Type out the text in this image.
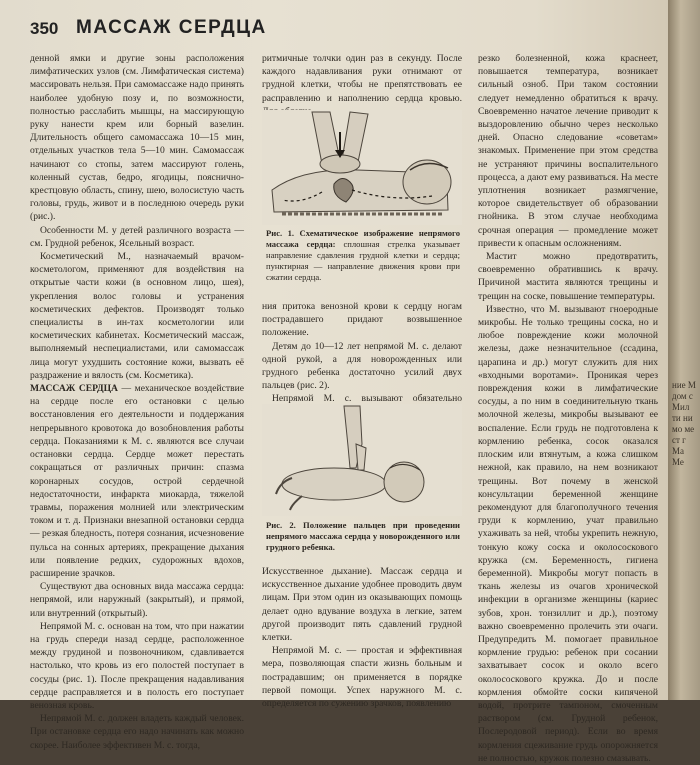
350 МАССАЖ СЕРДЦА

денной ямки и другие зоны расположения лимфатических узлов (см. Лимфатическая система) массировать нельзя. При самомассаже надо принять наиболее удобную позу и, по возможности, полностью расслабить мышцы, на массирующую руку нанести крем или борный вазелин. Длительность общего самомассажа 10—15 мин, отдельных участков тела 5—10 мин. Самомассаж начинают со стопы, затем массируют голень, коленный сустав, бедро, ягодицы, пояснично-крестцовую область, спину, шею, волосистую часть головы, грудь, живот и в последнюю очередь руки (рис.).

Особенности М. у детей различного возраста — см. Грудной ребенок, Ясельный возраст.

Косметический М., назначаемый врачом-косметологом, применяют для воздействия на открытые части кожи (в основном лицо, шея), укрепления волос головы и устранения косметических дефектов. Производят только специалисты в ин-тах косметологии или косметических кабинетах. Косметический массаж, выполняемый неспециалистами, или самомассаж лица могут ухудшить состояние кожи, вызвать её раздражение и вялость (см. Косметика).

МАССАЖ СЕРДЦА — механическое воздействие на сердце после его остановки с целью восстановления его деятельности и поддержания непрерывного кровотока до возобновления работы сердца. Показаниями к М. с. являются все случаи остановки сердца. Сердце может перестать сокращаться от различных причин: спазма коронарных сосудов, острой сердечной недостаточности, инфаркта миокарда, тяжелой травмы, поражения молнией или электрическим током и т. д. Признаки внезапной остановки сердца — резкая бледность, потеря сознания, исчезновение пульса на сонных артериях, прекращение дыхания или появление редких, судорожных вдохов, расширение зрачков.

Существуют два основных вида массажа сердца: непрямой, или наружный (закрытый), и прямой, или внутренний (открытый).

Непрямой М. с. основан на том, что при нажатии на грудь спереди назад сердце, расположенное между грудиной и позвоночником, сдавливается настолько, что кровь из его полостей поступает в сосуды (рис. 1). После прекращения надавливания сердце расправляется и в полость его поступает венозная кровь.

Непрямой М. с. должен владеть каждый человек. При остановке сердца его надо начинать как можно скорее. Наиболее эффективен М. с. тогда,

ритмичные толчки один раз в секунду. После каждого надавливания руки отнимают от грудной клетки, чтобы не препятствовать ее расправлению и наполнению сердца кровью.

Рис. 1. Схематическое изображение непрямого массажа сердца: сплошная стрелка указывает направление сдавления грудной клетки и сердца; пунктирная — направление движения крови при сжатии сердца.

ния притока венозной крови к сердцу ногам пострадавшего придают возвышенное положение.

Детям до 10—12 лет непрямой М. с. делают одной рукой, а для новорожденных или грудного ребенка достаточно усилий двух пальцев (рис. 2).

Непрямой М. с. вызывают обязательно

Рис. 2. Положение пальцев при проведении непрямого массажа сердца у новорожденного или грудного ребенка.

Искусственное дыхание). Массаж сердца и искусственное дыхание удобнее проводить двум лицам. При этом один из оказывающих помощь делает одно вдувание воздуха в легкие, затем другой производит пять сдавлений грудной клетки.

Непрямой М. с. — простая и эффективная мера, позволяющая спасти жизнь больным и пострадавшим; он применяется в порядке первой помощи. Успех наружного М. с. определяется по сужению зрачков, появлению

резко болезненной, кожа краснеет, повышается температура, возникает сильный озноб. При таком состоянии следует немедленно обратиться к врачу. Своевременно начатое лечение приводит к выздоровлению обычно через несколько дней. Опасно следование «советам» знакомых. Применение при этом средства не устраняют причины воспалительного процесса, а дают ему развиваться. На месте уплотнения возникает размягчение, которое свидетельствует об образовании гнойника. В этом случае необходима срочная операция — промедление может привести к опасным осложнениям.

Мастит можно предотвратить, своевременно обратившись к врачу. Причиной мастита являются трещины и трещин на соске, повышение температуры.

Известно, что М. вызывают гноеродные микробы. Не только трещины соска, но и любое повреждение кожи молочной железы, даже незначительное (ссадина, царапина и др.) могут служить для них «входными воротами». Проникая через повреждения кожи в лимфатические сосуды, а по ним в соединительную ткань молочной железы, микробы вызывают ее воспаление. Если грудь не подготовлена к кормлению ребенка, сосок оказался плоским или втянутым, а кожа слишком нежной, как правило, на нем возникают трещины. Вот почему в женской консультации беременной женщине рекомендуют для благополучного течения груди к кормлению, учат правильно ухаживать за ней, чтобы укрепить нежную, тонкую кожу соска и околососкового кружка (см. Беременность, гигиена беременной). Микробы могут попасть в ткань железы из очагов хронической инфекции в организме женщины (кариес зубов, хрон. тонзиллит и др.), поэтому важно своевременно пролечить эти очаги. Предупредить М. помогает правильное кормление грудью: ребенок при сосании захватывает сосок и около всего околососкового кружка. До и после кормления обмойте соски кипяченой водой, протрите тампоном, смоченным раствором (см. Грудной ребенок, Послеродовой период). Если во время кормления сцеживание грудь опорожняется не полностью, кружок полезно смазывать.

ние М дом с Мил ти ни мо ме ст г Ма Ме
